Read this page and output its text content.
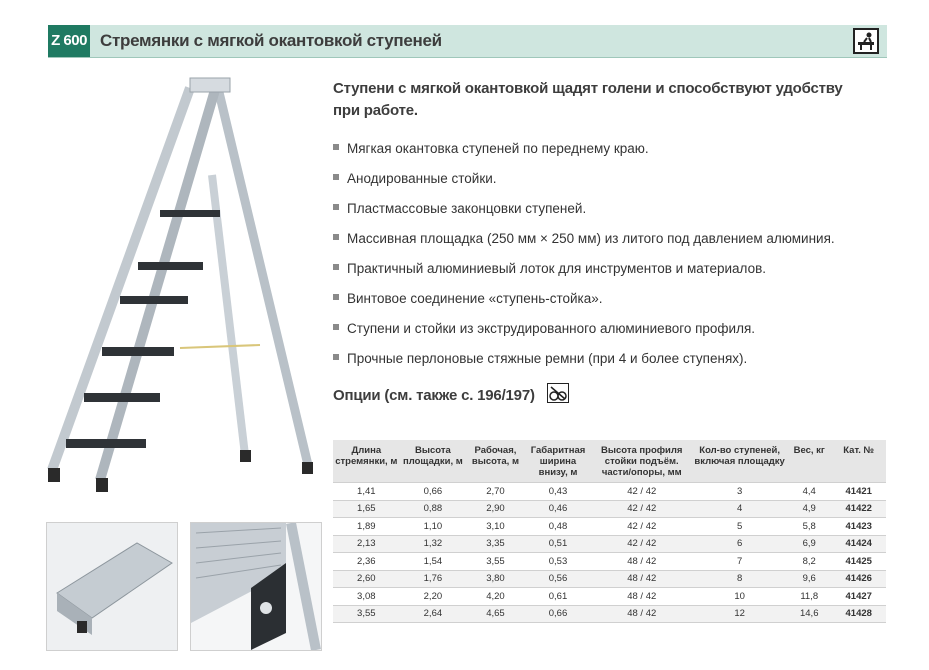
Z 600 Стремянки с мягкой окантовкой ступеней
Ступени с мягкой окантовкой щадят голени и способствуют удобству при работе.
Мягкая окантовка ступеней по переднему краю.
Анодированные стойки.
Пластмассовые законцовки ступеней.
Массивная площадка (250 мм × 250 мм) из литого под давлением алюминия.
Практичный алюминиевый лоток для инструментов и материалов.
Винтовое соединение «ступень-стойка».
Ступени и стойки из экструдированного алюминиевого профиля.
Прочные перлоновые стяжные ремни (при 4 и более ступенях).
Опции (см. также с. 196/197)
Длина стремянки, м	Высота площадки, м	Рабочая, высота, м	Габаритная ширина внизу, м	Высота профиля стойки подъём. части/опоры, мм	Кол-во ступеней, включая площадку	Вес, кг	Кат. №
1,41	0,66	2,70	0,43	42 / 42	3	4,4	41421
1,65	0,88	2,90	0,46	42 / 42	4	4,9	41422
1,89	1,10	3,10	0,48	42 / 42	5	5,8	41423
2,13	1,32	3,35	0,51	42 / 42	6	6,9	41424
2,36	1,54	3,55	0,53	48 / 42	7	8,2	41425
2,60	1,76	3,80	0,56	48 / 42	8	9,6	41426
3,08	2,20	4,20	0,61	48 / 42	10	11,8	41427
3,55	2,64	4,65	0,66	48 / 42	12	14,6	41428
